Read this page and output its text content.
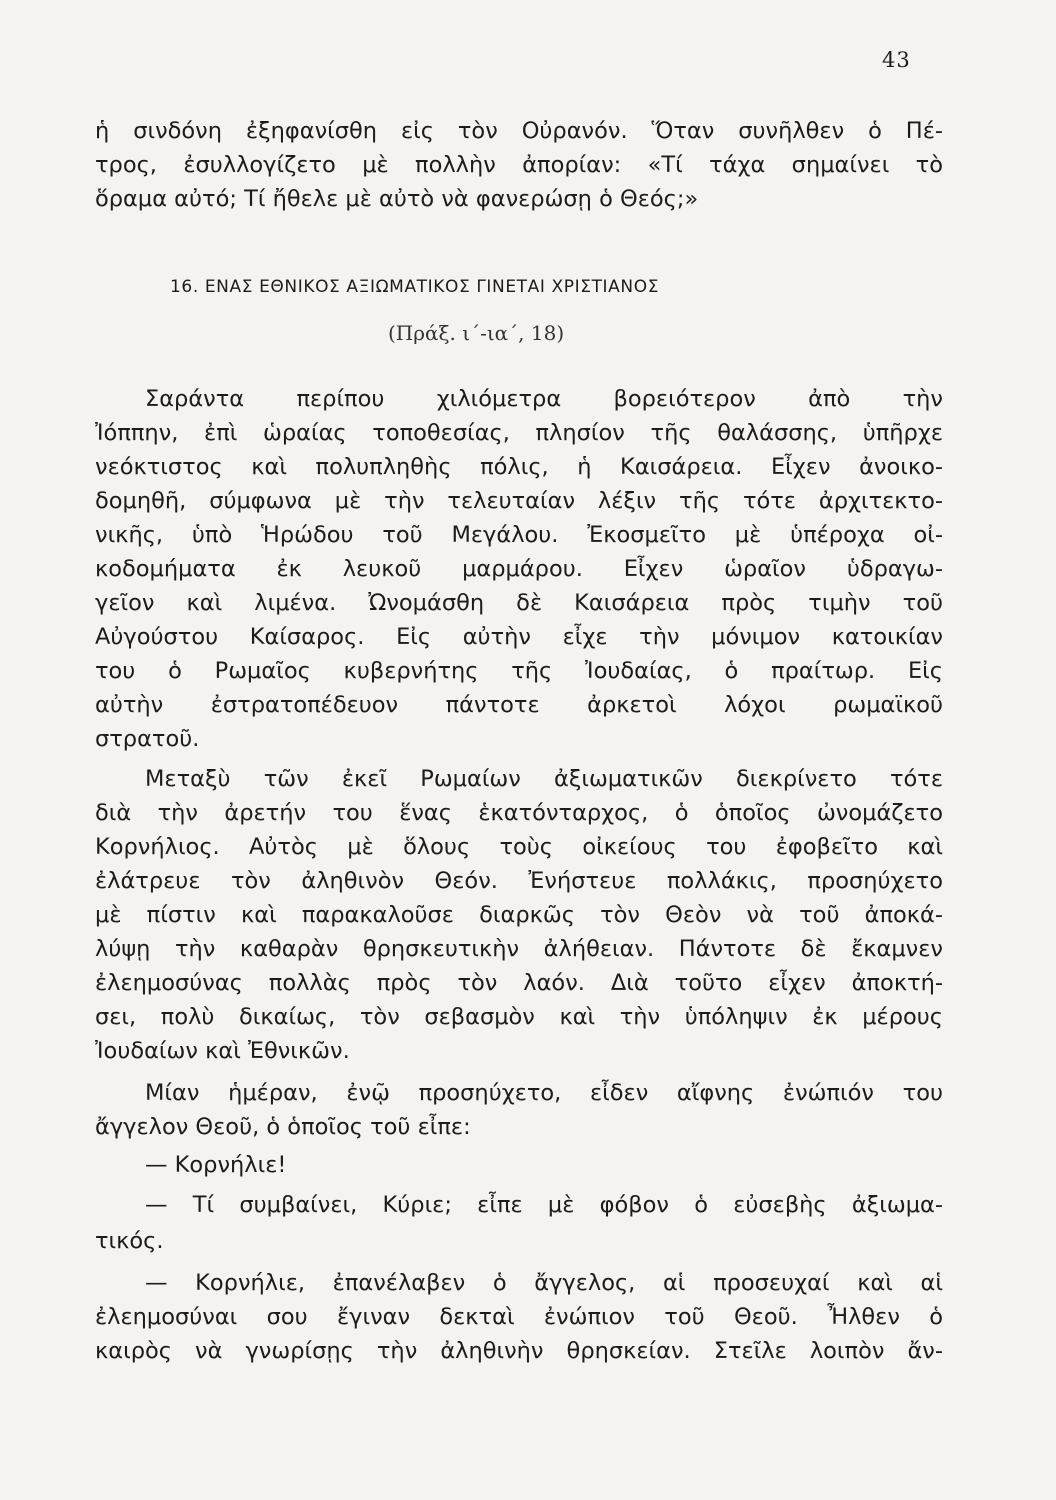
43

ἡ σινδόνη ἐξηφανίσθη εἰς τὸν Οὐρανόν. Ὅταν συνῆλθεν ὁ Πέ-

τρος, ἐσυλλογίζετο μὲ πολλὴν ἀπορίαν: «Τί τάχα σημαίνει τὸ

ὅραμα αὐτό; Τί ἤθελε μὲ αὐτὸ νὰ φανερώσῃ ὁ Θεός;»

16. ΕΝΑΣ ΕΘΝΙΚΟΣ ΑΞΙΩΜΑΤΙΚΟΣ ΓΙΝΕΤΑΙ ΧΡΙΣΤΙΑΝΟΣ
(Πράξ. ι΄-ια΄, 18)

Σαράντα περίπου χιλιόμετρα βορειότερον ἀπὸ τὴν

Ἰόππην, ἐπὶ ὡραίας τοποθεσίας, πλησίον τῆς θαλάσσης, ὑπῆρχε

νεόκτιστος καὶ πολυπληθὴς πόλις, ἡ Καισάρεια. Εἶχεν ἀνοικο-

δομηθῆ, σύμφωνα μὲ τὴν τελευταίαν λέξιν τῆς τότε ἀρχιτεκτο-

νικῆς, ὑπὸ Ἡρώδου τοῦ Μεγάλου. Ἐκοσμεῖτο μὲ ὑπέροχα οἰ-

κοδομήματα ἐκ λευκοῦ μαρμάρου. Εἶχεν ὡραῖον ὑδραγω-

γεῖον καὶ λιμένα. Ὠνομάσθη δὲ Καισάρεια πρὸς τιμὴν τοῦ

Αὐγούστου Καίσαρος. Εἰς αὐτὴν εἶχε τὴν μόνιμον κατοικίαν

του ὁ Ρωμαῖος κυβερνήτης τῆς Ἰουδαίας, ὁ πραίτωρ. Εἰς

αὐτὴν ἐστρατοπέδευον πάντοτε ἀρκετοὶ λόχοι ρωμαϊκοῦ

στρατοῦ.

Μεταξὺ τῶν ἐκεῖ Ρωμαίων ἀξιωματικῶν διεκρίνετο τότε

διὰ τὴν ἀρετήν του ἕνας ἑκατόνταρχος, ὁ ὁποῖος ὠνομάζετο

Κορνήλιος. Αὐτὸς μὲ ὅλους τοὺς οἰκείους του ἐφοβεῖτο καὶ

ἐλάτρευε τὸν ἀληθινὸν Θεόν. Ἐνήστευε πολλάκις, προσηύχετο

μὲ πίστιν καὶ παρακαλοῦσε διαρκῶς τὸν Θεὸν νὰ τοῦ ἀποκά-

λύψῃ τὴν καθαρὰν θρησκευτικὴν ἀλήθειαν. Πάντοτε δὲ ἔκαμνεν

ἐλεημοσύνας πολλὰς πρὸς τὸν λαόν. Διὰ τοῦτο εἶχεν ἀποκτή-

σει, πολὺ δικαίως, τὸν σεβασμὸν καὶ τὴν ὑπόληψιν ἐκ μέρους

Ἰουδαίων καὶ Ἐθνικῶν.

Μίαν ἡμέραν, ἐνῷ προσηύχετο, εἶδεν αἴφνης ἐνώπιόν του

ἄγγελον Θεοῦ, ὁ ὁποῖος τοῦ εἶπε:

— Κορνήλιε!

— Τί συμβαίνει, Κύριε; εἶπε μὲ φόβον ὁ εὐσεβὴς ἀξιωμα-

τικός.

— Κορνήλιε, ἐπανέλαβεν ὁ ἄγγελος, αἱ προσευχαί καὶ αἱ

ἐλεημοσύναι σου ἔγιναν δεκταὶ ἐνώπιον τοῦ Θεοῦ. Ἦλθεν ὁ

καιρὸς νὰ γνωρίσῃς τὴν ἀληθινὴν θρησκείαν. Στεῖλε λοιπὸν ἄν-
